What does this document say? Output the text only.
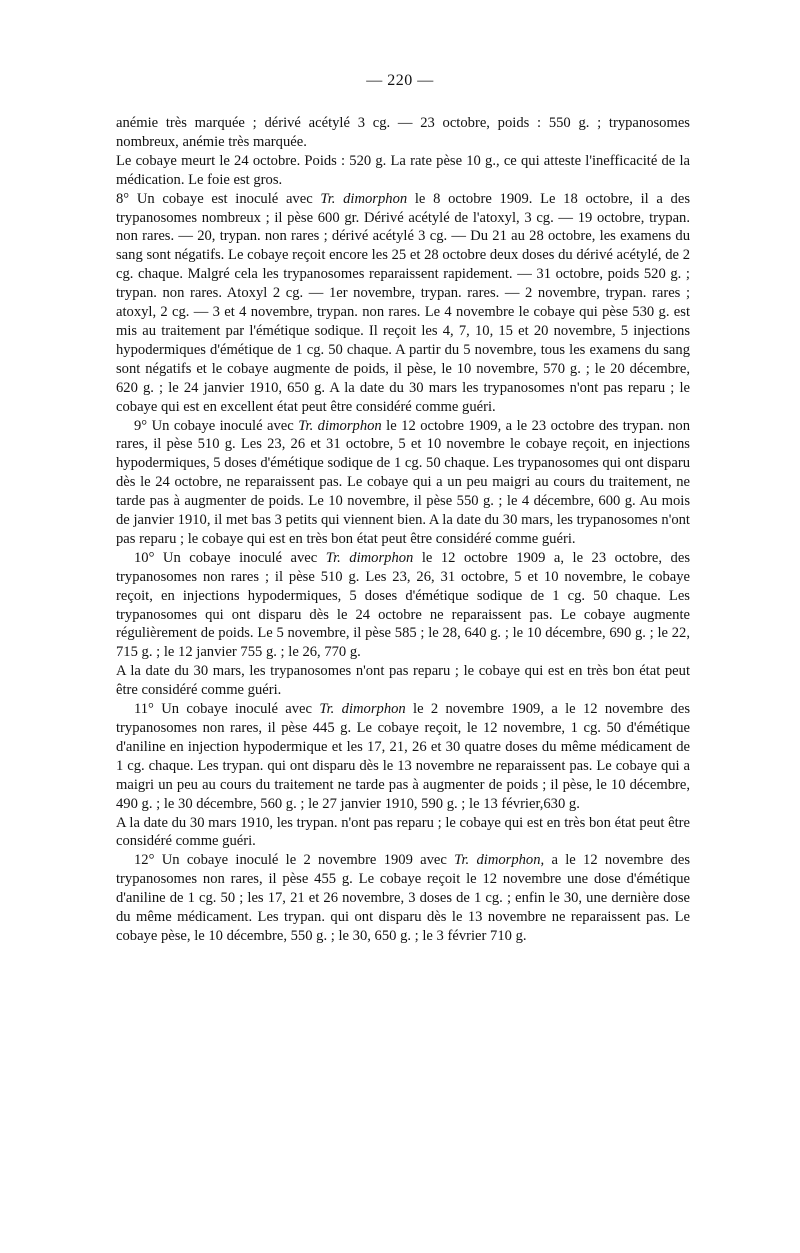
— 220 —

anémie très marquée ; dérivé acétylé 3 cg. — 23 octobre, poids : 550 g. ; trypanosomes nombreux, anémie très marquée.

Le cobaye meurt le 24 octobre. Poids : 520 g. La rate pèse 10 g., ce qui atteste l'inefficacité de la médication. Le foie est gros.

8° Un cobaye est inoculé avec Tr. dimorphon le 8 octobre 1909. Le 18 octobre, il a des trypanosomes nombreux ; il pèse 600 gr. Dérivé acétylé de l'atoxyl, 3 cg. — 19 octobre, trypan. non rares. — 20, trypan. non rares ; dérivé acétylé 3 cg. — Du 21 au 28 octobre, les examens du sang sont négatifs. Le cobaye reçoit encore les 25 et 28 octobre deux doses du dérivé acétylé, de 2 cg. chaque. Malgré cela les trypanosomes reparaissent rapidement. — 31 octobre, poids 520 g. ; trypan. non rares. Atoxyl 2 cg. — 1er novembre, trypan. rares. — 2 novembre, trypan. rares ; atoxyl, 2 cg. — 3 et 4 novembre, trypan. non rares. Le 4 novembre le cobaye qui pèse 530 g. est mis au traitement par l'émétique sodique. Il reçoit les 4, 7, 10, 15 et 20 novembre, 5 injections hypodermiques d'émétique de 1 cg. 50 chaque. A partir du 5 novembre, tous les examens du sang sont négatifs et le cobaye augmente de poids, il pèse, le 10 novembre, 570 g. ; le 20 décembre, 620 g. ; le 24 janvier 1910, 650 g. A la date du 30 mars les trypanosomes n'ont pas reparu ; le cobaye qui est en excellent état peut être considéré comme guéri.

9° Un cobaye inoculé avec Tr. dimorphon le 12 octobre 1909, a le 23 octobre des trypan. non rares, il pèse 510 g. Les 23, 26 et 31 octobre, 5 et 10 novembre le cobaye reçoit, en injections hypodermiques, 5 doses d'émétique sodique de 1 cg. 50 chaque. Les trypanosomes qui ont disparu dès le 24 octobre, ne reparaissent pas. Le cobaye qui a un peu maigri au cours du traitement, ne tarde pas à augmenter de poids. Le 10 novembre, il pèse 550 g. ; le 4 décembre, 600 g. Au mois de janvier 1910, il met bas 3 petits qui viennent bien. A la date du 30 mars, les trypanosomes n'ont pas reparu ; le cobaye qui est en très bon état peut être considéré comme guéri.

10° Un cobaye inoculé avec Tr. dimorphon le 12 octobre 1909 a, le 23 octobre, des trypanosomes non rares ; il pèse 510 g. Les 23, 26, 31 octobre, 5 et 10 novembre, le cobaye reçoit, en injections hypodermiques, 5 doses d'émétique sodique de 1 cg. 50 chaque. Les trypanosomes qui ont disparu dès le 24 octobre ne reparaissent pas. Le cobaye augmente régulièrement de poids. Le 5 novembre, il pèse 585 ; le 28, 640 g. ; le 10 décembre, 690 g. ; le 22, 715 g. ; le 12 janvier 755 g. ; le 26, 770 g.

A la date du 30 mars, les trypanosomes n'ont pas reparu ; le cobaye qui est en très bon état peut être considéré comme guéri.

11° Un cobaye inoculé avec Tr. dimorphon le 2 novembre 1909, a le 12 novembre des trypanosomes non rares, il pèse 445 g. Le cobaye reçoit, le 12 novembre, 1 cg. 50 d'émétique d'aniline en injection hypodermique et les 17, 21, 26 et 30 quatre doses du même médicament de 1 cg. chaque. Les trypan. qui ont disparu dès le 13 novembre ne reparaissent pas. Le cobaye qui a maigri un peu au cours du traitement ne tarde pas à augmenter de poids ; il pèse, le 10 décembre, 490 g. ; le 30 décembre, 560 g. ; le 27 janvier 1910, 590 g. ; le 13 février,630 g.

A la date du 30 mars 1910, les trypan. n'ont pas reparu ; le cobaye qui est en très bon état peut être considéré comme guéri.

12° Un cobaye inoculé le 2 novembre 1909 avec Tr. dimorphon, a le 12 novembre des trypanosomes non rares, il pèse 455 g. Le cobaye reçoit le 12 novembre une dose d'émétique d'aniline de 1 cg. 50 ; les 17, 21 et 26 novembre, 3 doses de 1 cg. ; enfin le 30, une dernière dose du même médicament. Les trypan. qui ont disparu dès le 13 novembre ne reparaissent pas. Le cobaye pèse, le 10 décembre, 550 g. ; le 30, 650 g. ; le 3 février 710 g.
